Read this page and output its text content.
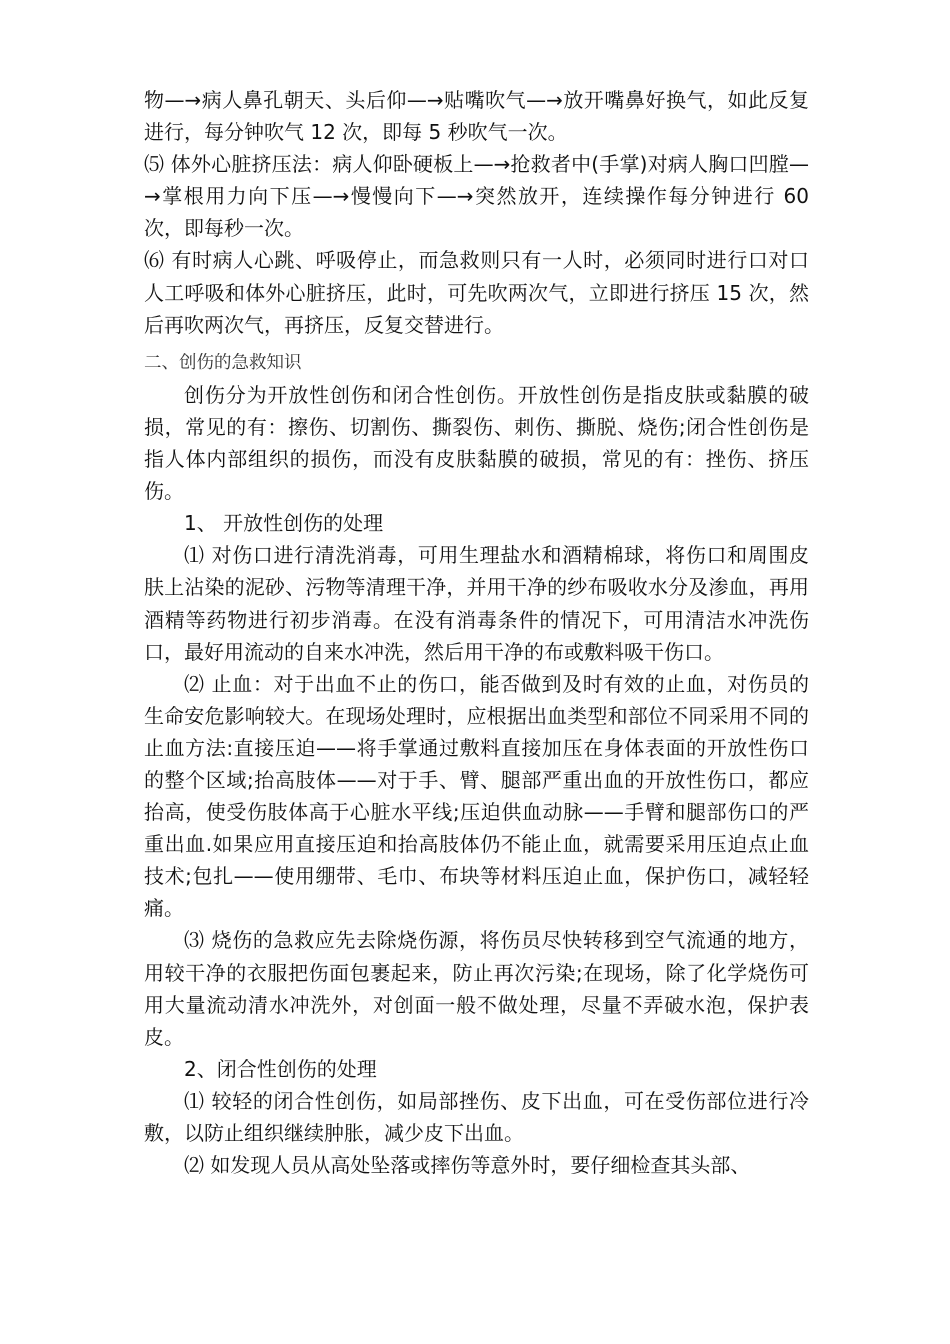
物—→病人鼻孔朝天、头后仰—→贴嘴吹气—→放开嘴鼻好换气，如此反复进行，每分钟吹气 12 次，即每 5 秒吹气一次。

⑸ 体外心脏挤压法：病人仰卧硬板上—→抢救者中(手掌)对病人胸口凹膛—→掌根用力向下压—→慢慢向下—→突然放开，连续操作每分钟进行 60 次，即每秒一次。

⑹ 有时病人心跳、呼吸停止，而急救则只有一人时，必须同时进行口对口人工呼吸和体外心脏挤压，此时，可先吹两次气，立即进行挤压 15 次，然后再吹两次气，再挤压，反复交替进行。

二、创伤的急救知识

创伤分为开放性创伤和闭合性创伤。开放性创伤是指皮肤或黏膜的破损，常见的有：擦伤、切割伤、撕裂伤、刺伤、撕脱、烧伤;闭合性创伤是指人体内部组织的损伤，而没有皮肤黏膜的破损，常见的有：挫伤、挤压伤。

1、 开放性创伤的处理

⑴ 对伤口进行清洗消毒，可用生理盐水和酒精棉球，将伤口和周围皮肤上沾染的泥砂、污物等清理干净，并用干净的纱布吸收水分及渗血，再用酒精等药物进行初步消毒。在没有消毒条件的情况下，可用清洁水冲洗伤口，最好用流动的自来水冲洗，然后用干净的布或敷料吸干伤口。

⑵ 止血：对于出血不止的伤口，能否做到及时有效的止血，对伤员的生命安危影响较大。在现场处理时，应根据出血类型和部位不同采用不同的止血方法:直接压迫——将手掌通过敷料直接加压在身体表面的开放性伤口的整个区域;抬高肢体——对于手、臂、腿部严重出血的开放性伤口，都应抬高，使受伤肢体高于心脏水平线;压迫供血动脉——手臂和腿部伤口的严重出血.如果应用直接压迫和抬高肢体仍不能止血，就需要采用压迫点止血技术;包扎——使用绷带、毛巾、布块等材料压迫止血，保护伤口，减轻轻痛。

⑶ 烧伤的急救应先去除烧伤源，将伤员尽快转移到空气流通的地方，用较干净的衣服把伤面包裹起来，防止再次污染;在现场，除了化学烧伤可用大量流动清水冲洗外，对创面一般不做处理，尽量不弄破水泡，保护表皮。

2、闭合性创伤的处理

⑴ 较轻的闭合性创伤，如局部挫伤、皮下出血，可在受伤部位进行冷敷，以防止组织继续肿胀，减少皮下出血。

⑵ 如发现人员从高处坠落或摔伤等意外时，要仔细检查其头部、
